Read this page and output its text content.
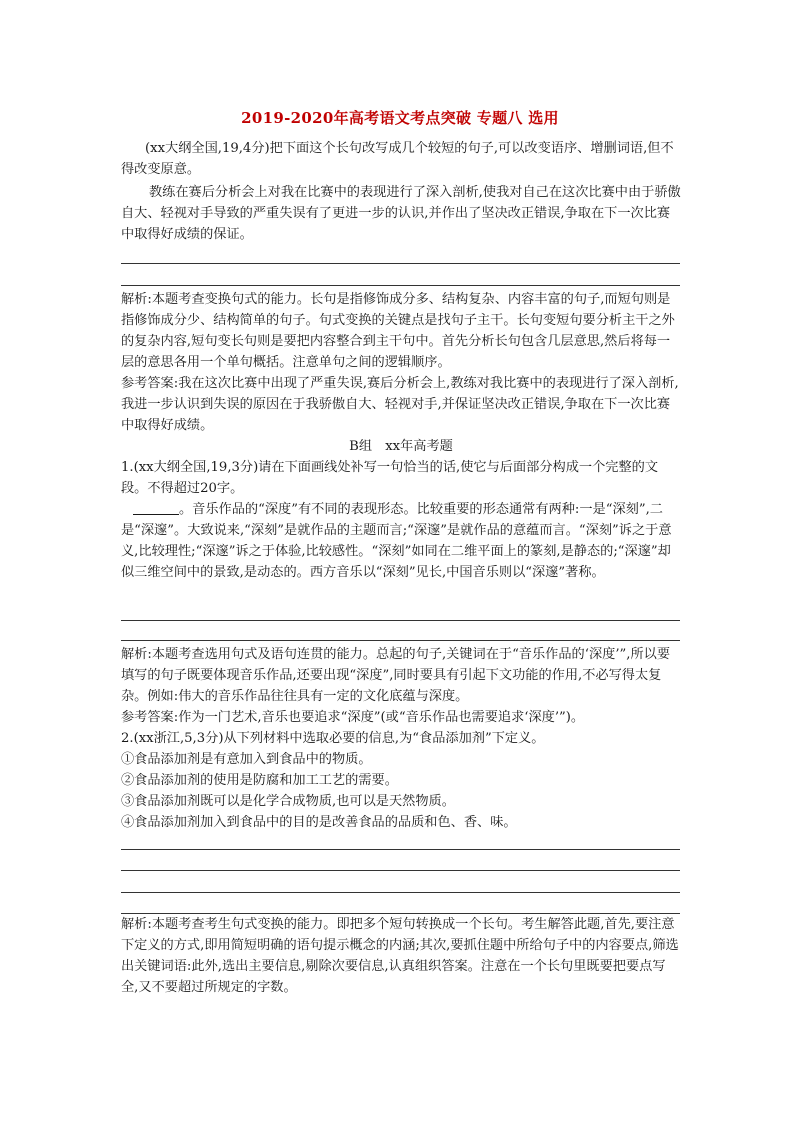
2019-2020年高考语文考点突破 专题八 选用

(xx大纲全国,19,4分)把下面这个长句改写成几个较短的句子,可以改变语序、增删词语,但不得改变原意。

教练在赛后分析会上对我在比赛中的表现进行了深入剖析,使我对自己在这次比赛中由于骄傲自大、轻视对手导致的严重失误有了更进一步的认识,并作出了坚决改正错误,争取在下一次比赛中取得好成绩的保证。

解析:本题考查变换句式的能力。长句是指修饰成分多、结构复杂、内容丰富的句子,而短句则是指修饰成分少、结构简单的句子。句式变换的关键点是找句子主干。长句变短句要分析主干之外的复杂内容,短句变长句则是要把内容整合到主干句中。首先分析长句包含几层意思,然后将每一层的意思各用一个单句概括。注意单句之间的逻辑顺序。

参考答案:我在这次比赛中出现了严重失误,赛后分析会上,教练对我比赛中的表现进行了深入剖析,我进一步认识到失误的原因在于我骄傲自大、轻视对手,并保证坚决改正错误,争取在下一次比赛中取得好成绩。

B组　xx年高考题

1.(xx大纲全国,19,3分)请在下面画线处补写一句恰当的话,使它与后面部分构成一个完整的文段。不得超过20字。

。音乐作品的“深度”有不同的表现形态。比较重要的形态通常有两种:一是“深刻”,二是“深邃”。大致说来,“深刻”是就作品的主题而言;“深邃”是就作品的意蕴而言。“深刻”诉之于意义,比较理性;“深邃”诉之于体验,比较感性。“深刻”如同在二维平面上的篆刻,是静态的;“深邃”却似三维空间中的景致,是动态的。西方音乐以“深刻”见长,中国音乐则以“深邃”著称。

解析:本题考查选用句式及语句连贯的能力。总起的句子,关键词在于“音乐作品的‘深度’”,所以要填写的句子既要体现音乐作品,还要出现“深度”,同时要具有引起下文功能的作用,不必写得太复杂。例如:伟大的音乐作品往往具有一定的文化底蕴与深度。

参考答案:作为一门艺术,音乐也要追求“深度”(或“音乐作品也需要追求‘深度’”)。

2.(xx浙江,5,3分)从下列材料中选取必要的信息,为“食品添加剂”下定义。

①食品添加剂是有意加入到食品中的物质。

②食品添加剂的使用是防腐和加工工艺的需要。

③食品添加剂既可以是化学合成物质,也可以是天然物质。

④食品添加剂加入到食品中的目的是改善食品的品质和色、香、味。

解析:本题考查考生句式变换的能力。即把多个短句转换成一个长句。考生解答此题,首先,要注意下定义的方式,即用简短明确的语句提示概念的内涵;其次,要抓住题中所给句子中的内容要点,筛选出关键词语:此外,选出主要信息,剔除次要信息,认真组织答案。注意在一个长句里既要把要点写全,又不要超过所规定的字数。
